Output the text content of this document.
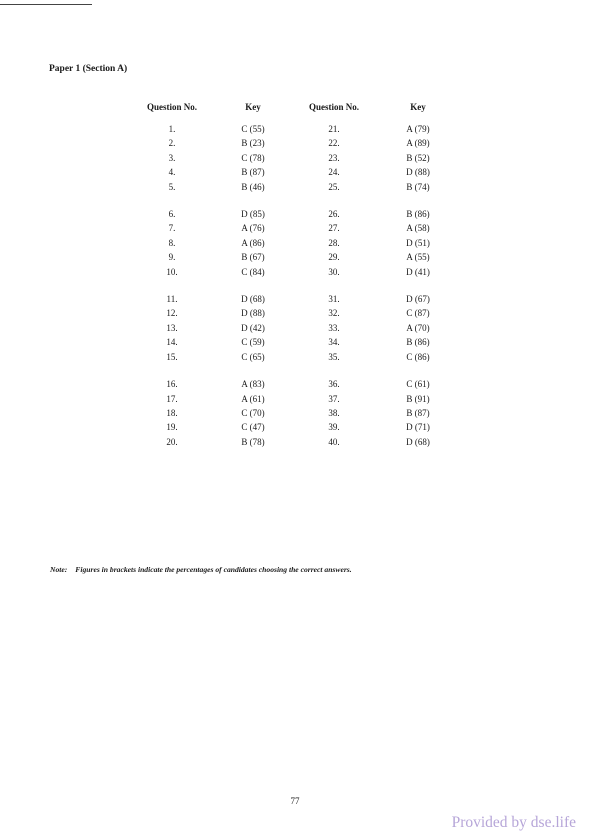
Paper 1 (Section A)
Question No.	Key	Question No.	Key
1.	C (55)	21.	A (79)
2.	B (23)	22.	A (89)
3.	C (78)	23.	B (52)
4.	B (87)	24.	D (88)
5.	B (46)	25.	B (74)

6.	D (85)	26.	B (86)
7.	A (76)	27.	A (58)
8.	A (86)	28.	D (51)
9.	B (67)	29.	A (55)
10.	C (84)	30.	D (41)

11.	D (68)	31.	D (67)
12.	D (88)	32.	C (87)
13.	D (42)	33.	A (70)
14.	C (59)	34.	B (86)
15.	C (65)	35.	C (86)

16.	A (83)	36.	C (61)
17.	A (61)	37.	B (91)
18.	C (70)	38.	B (87)
19.	C (47)	39.	D (71)
20.	B (78)	40.	D (68)
Note: Figures in brackets indicate the percentages of candidates choosing the correct answers.
77
Provided by dse.life
